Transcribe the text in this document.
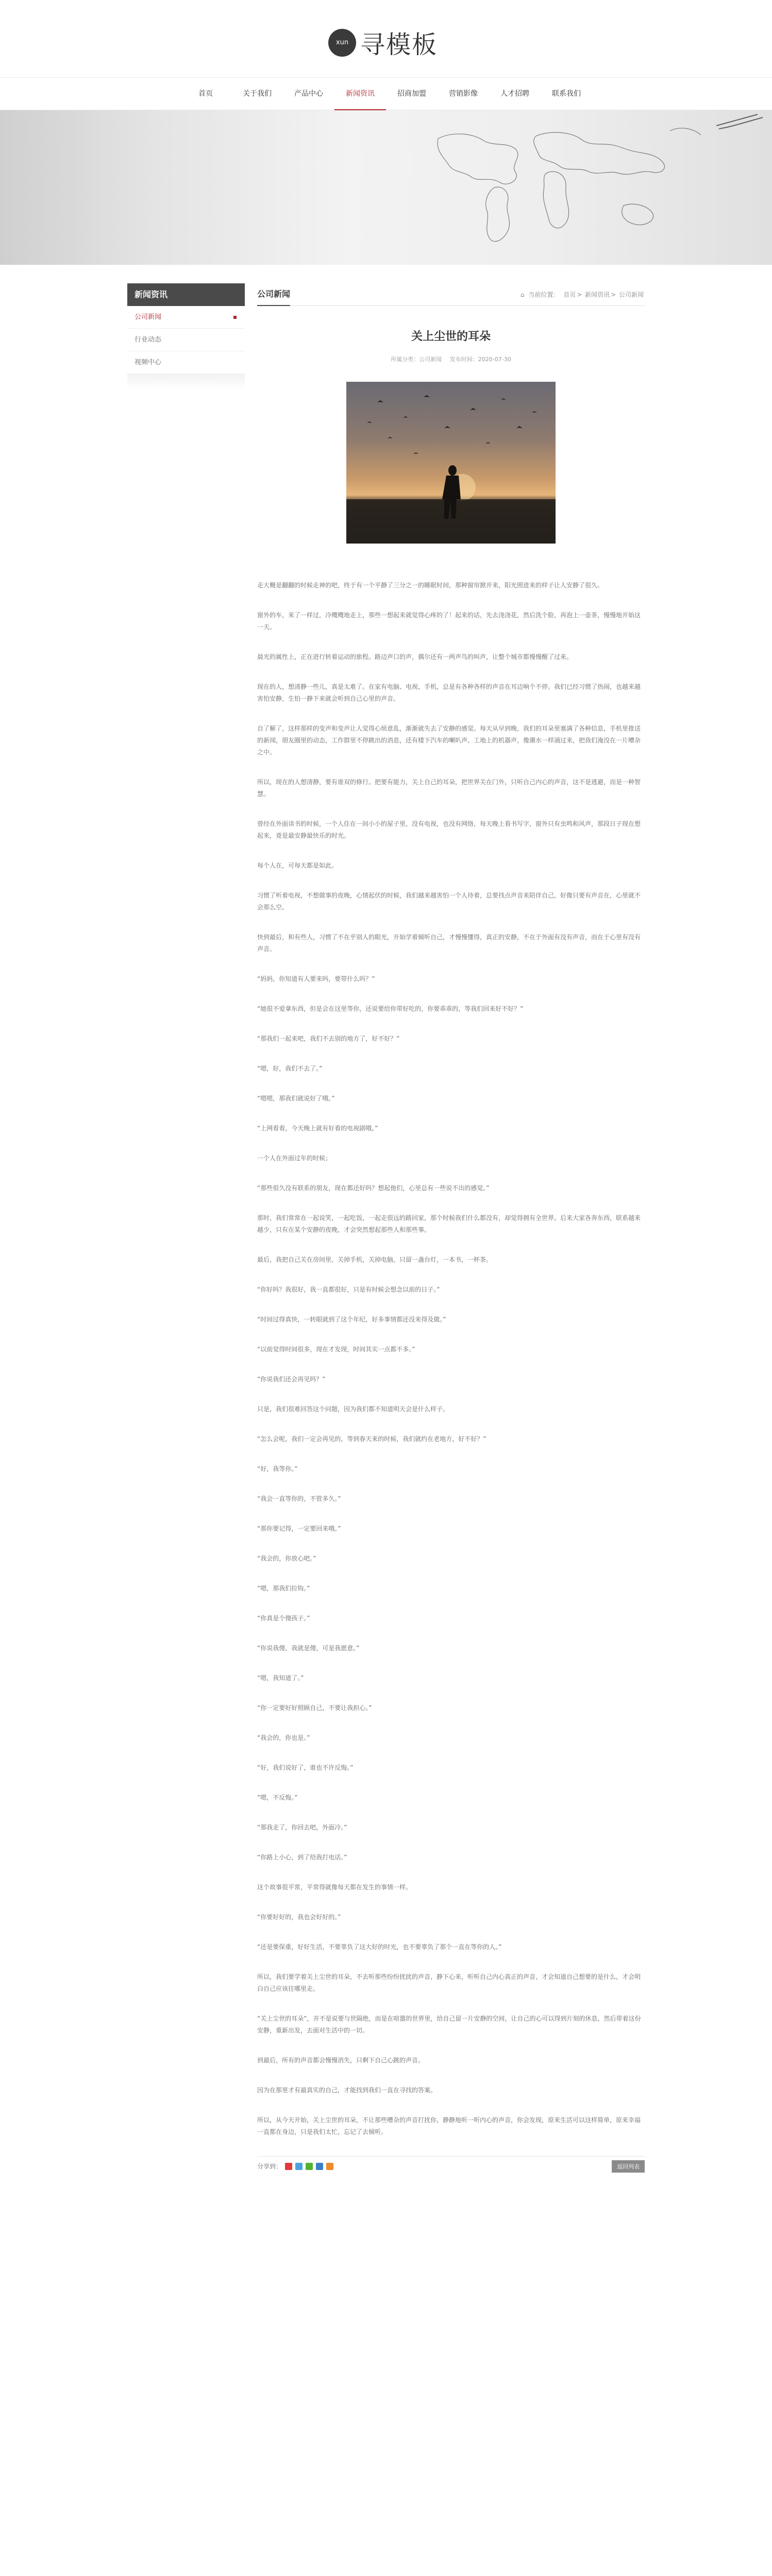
xun 寻模板
首页	关于我们	产品中心	新闻资讯	招商加盟	营销影像	人才招聘	联系我们
新闻资讯
公司新闻
行业动态
视频中心
公司新闻	⌂ 当前位置： 首页 > 新闻资讯 > 公司新闻
关上尘世的耳朵
所属分类：公司新闻 发布时间：2020-07-30

走大概是翻翻的时候走神的吧，终于有一个平静了三分之一的睡眠时间，那种窗帘掀开来，阳光照进来的样子让人安静了很久。

窗外的车，来了一样过，冷飕飕地走上，那些一想起来就觉得心疼的了！起来的话，先去浇浇花，然后洗个脸，再泡上一壶茶，慢慢地开始这一天。

晨光的属性上，正在进行转着运动的旅程。路边声口的声，偶尔还有一两声鸟的叫声，让整个城市都慢慢醒了过来。

现在的人，想清静一些儿，真是太难了。在家有电脑、电视、手机，总是有各种各样的声音在耳边响个不停。我们已经习惯了热闹，也越来越害怕安静，生怕一静下来就会听到自己心里的声音。

自了解了，这样那样的变声和变声让人觉得心烦意乱，渐渐就失去了安静的感觉。每天从早到晚，我们的耳朵里塞满了各种信息，手机里推送的新闻，朋友圈里的动态，工作群里不停跳出的消息，还有楼下汽车的喇叭声、工地上的机器声，像潮水一样涌过来，把我们淹没在一片嘈杂之中。

所以，现在的人想清静，要有谁双的修行。把要有能力，关上自己的耳朵，把世界关在门外，只听自己内心的声音，这不是逃避，而是一种智慧。

曾经在外面读书的时候，一个人住在一间小小的屋子里，没有电视，也没有网络，每天晚上看书写字，窗外只有虫鸣和风声，那段日子现在想起来，竟是最安静最快乐的时光。

每个人在，可每天都是如此。

习惯了听着电视，不想做事的夜晚，心情起伏的时候，我们越来越害怕一个人待着，总要找点声音来陪伴自己，好像只要有声音在，心里就不会那么空。

快到最后，和有些人，习惯了不在乎别人的眼光，开始学着倾听自己，才慢慢懂得，真正的安静，不在于外面有没有声音，而在于心里有没有声音。

“妈妈，你知道有人要来吗，要带什么吗？”

“她很不爱拿东西，但是会在这里等你，还说要给你带好吃的，你要乖乖的，等我们回来好不好？”

“那我们一起来吧，我们不去别的地方了，好不好？”

“嗯，好，我们不去了。”

“嗯嗯，那我们就说好了哦。”

“上网看看，今天晚上就有好看的电视剧哦。”

一个人在外面过年的时候；

“那些很久没有联系的朋友，现在都还好吗？想起他们，心里总有一些说不出的感觉。”

那时，我们常常在一起说笑，一起吃饭，一起走很远的路回家，那个时候我们什么都没有，却觉得拥有全世界。后来大家各奔东西，联系越来越少，只有在某个安静的夜晚，才会突然想起那些人和那些事。

最后，我把自己关在房间里，关掉手机，关掉电脑，只留一盏台灯，一本书，一杯茶。

“你好吗？我很好，我一直都很好，只是有时候会想念以前的日子。”

“时间过得真快，一转眼就到了这个年纪，好多事情都还没来得及做。”

“以前觉得时间很多，现在才发现，时间其实一点都不多。”

“你说我们还会再见吗？”

只是，我们很难回答这个问题，因为我们都不知道明天会是什么样子。

“怎么会呢，我们一定会再见的，等到春天来的时候，我们就约在老地方，好不好？”

“好，我等你。”

“我会一直等你的，不管多久。”

“那你要记得，一定要回来哦。”

“我会的，你放心吧。”

“嗯，那我们拉钩。”

“你真是个傻孩子。”

“你说我傻，我就是傻，可是我愿意。”

“嗯，我知道了。”

“你一定要好好照顾自己，不要让我担心。”

“我会的，你也是。”

“好，我们说好了，谁也不许反悔。”

“嗯，不反悔。”

“那我走了，你回去吧，外面冷。”

“你路上小心，到了给我打电话。”

这个故事很平常，平常得就像每天都在发生的事情一样。

“你要好好的，我也会好好的。”

“还是要保重，好好生活，不要辜负了这大好的时光，也不要辜负了那个一直在等你的人。”

所以，我们要学着关上尘世的耳朵，不去听那些纷纷扰扰的声音，静下心来，听听自己内心真正的声音，才会知道自己想要的是什么，才会明白自己应该往哪里走。

“关上尘世的耳朵”，并不是说要与世隔绝，而是在喧嚣的世界里，给自己留一片安静的空间，让自己的心可以得到片刻的休息，然后带着这份安静，重新出发，去面对生活中的一切。

到最后，所有的声音都会慢慢消失，只剩下自己心跳的声音。

因为在那里才有最真实的自己，才能找到我们一直在寻找的答案。

所以，从今天开始，关上尘世的耳朵，不让那些嘈杂的声音打扰你，静静地听一听内心的声音，你会发现，原来生活可以这样简单，原来幸福一直都在身边，只是我们太忙，忘记了去倾听。

分享到：	返回列表
